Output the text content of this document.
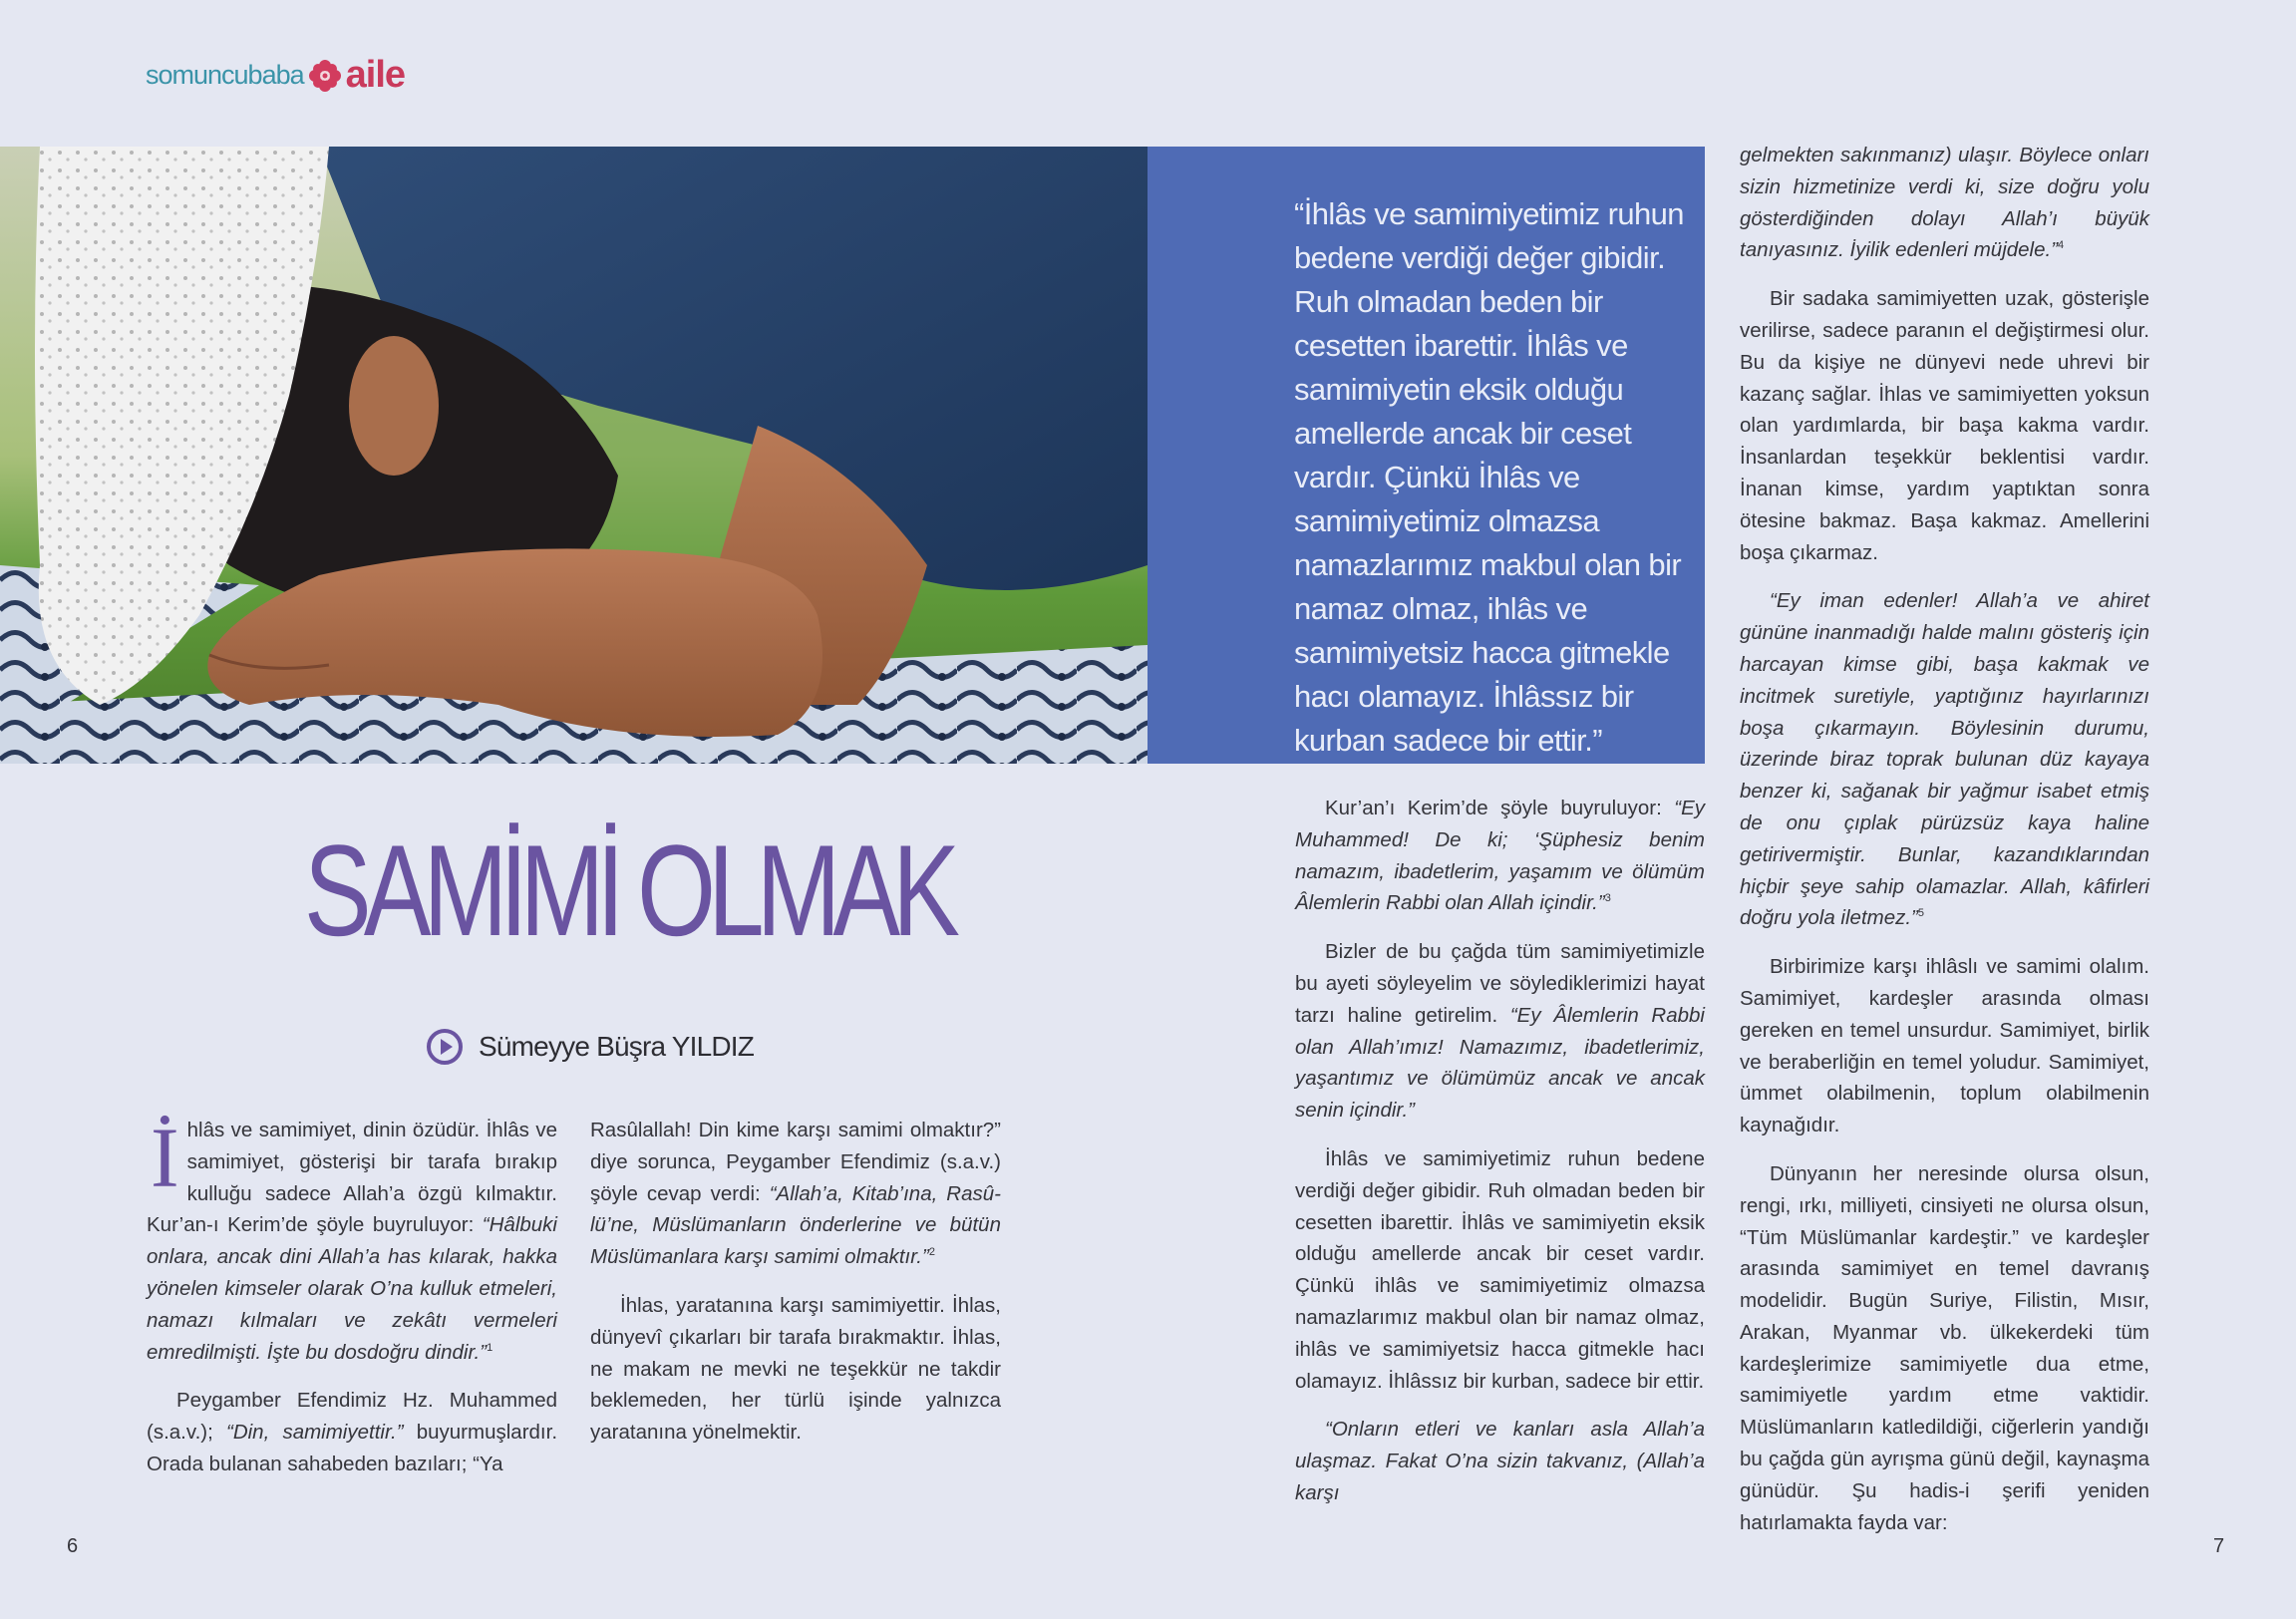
somuncubaba aile
“İhlâs ve samimiyetimiz ruhun bedene verdiği değer gibidir. Ruh olmadan beden bir cesetten ibarettir. İhlâs ve samimiyetin eksik olduğu amellerde ancak bir ceset vardır. Çünkü İhlâs ve samimiyetimiz olmazsa namazlarımız makbul olan bir namaz olmaz, ihlâs ve samimiyetsiz hacca gitmekle hacı olamayız. İhlâssız bir kurban sadece bir ettir.”
SAMİMİ OLMAK
Sümeyye Büşra YILDIZ

İhlâs ve samimiyet, dinin özüdür. İhlâs ve samimiyet, gösterişi bir tarafa bırakıp kulluğu sadece Allah’a özgü kılmaktır. Kur’an-ı Kerim’de şöyle buyruluyor: “Hâlbuki onlara, ancak dini Allah’a has kılarak, hakka yönelen kimseler olarak O’na kulluk etmeleri, namazı kılmaları ve zekâtı vermeleri emredilmişti. İşte bu dosdoğru dindir.”$^1$

Peygamber Efendimiz Hz. Muhammed (s.a.v.); “Din, samimiyettir.” buyurmuşlardır. Orada bulanan sahabeden bazıları; “Ya

Rasûlallah! Din kime karşı samimi olmaktır?” diye sorunca, Peygamber Efendimiz (s.a.v.) şöyle cevap verdi: “Allah’a, Kitab’ına, Rasû-lü’ne, Müslümanların önderlerine ve bütün Müslümanlara karşı samimi olmaktır.”$^2$

İhlas, yaratanına karşı samimiyettir. İhlas, dünyevî çıkarları bir tarafa bırakmaktır. İhlas, ne makam ne mevki ne teşekkür ne takdir beklemeden, her türlü işinde yalnızca yaratanına yönelmektir.

Kur’an’ı Kerim’de şöyle buyruluyor: “Ey Muhammed! De ki; ‘Şüphesiz benim namazım, ibadetlerim, yaşamım ve ölümüm Âlemlerin Rabbi olan Allah içindir.”$^3$

Bizler de bu çağda tüm samimiyetimizle bu ayeti söyleyelim ve söylediklerimizi hayat tarzı haline getirelim. “Ey Âlemlerin Rabbi olan Allah’ımız! Namazımız, ibadetlerimiz, yaşantımız ve ölümümüz ancak ve ancak senin içindir.”

İhlâs ve samimiyetimiz ruhun bedene verdiği değer gibidir. Ruh olmadan beden bir cesetten ibarettir. İhlâs ve samimiyetin eksik olduğu amellerde ancak bir ceset vardır. Çünkü ihlâs ve samimiyetimiz olmazsa namazlarımız makbul olan bir namaz olmaz, ihlâs ve samimiyetsiz hacca gitmekle hacı olamayız. İhlâssız bir kurban, sadece bir ettir.

“Onların etleri ve kanları asla Allah’a ulaşmaz. Fakat O’na sizin takvanız, (Allah’a karşı

gelmekten sakınmanız) ulaşır. Böylece onları sizin hizmetinize verdi ki, size doğru yolu gösterdiğinden dolayı Allah’ı büyük tanıyasınız. İyilik edenleri müjdele.”$^4$

Bir sadaka samimiyetten uzak, gösterişle verilirse, sadece paranın el değiştirmesi olur. Bu da kişiye ne dünyevi nede uhrevi bir kazanç sağlar. İhlas ve samimiyetten yoksun olan yardımlarda, bir başa kakma vardır. İnsanlardan teşekkür beklentisi vardır. İnanan kimse, yardım yaptıktan sonra ötesine bakmaz. Başa kakmaz. Amellerini boşa çıkarmaz.

“Ey iman edenler! Allah’a ve ahiret gününe inanmadığı halde malını gösteriş için harcayan kimse gibi, başa kakmak ve incitmek suretiyle, yaptığınız hayırlarınızı boşa çıkarmayın. Böylesinin durumu, üzerinde biraz toprak bulunan düz kayaya benzer ki, sağanak bir yağmur isabet etmiş de onu çıplak pürüzsüz kaya haline getirivermiştir. Bunlar, kazandıklarından hiçbir şeye sahip olamazlar. Allah, kâfirleri doğru yola iletmez.”$^5$

Birbirimize karşı ihlâslı ve samimi olalım. Samimiyet, kardeşler arasında olması gereken en temel unsurdur. Samimiyet, birlik ve beraberliğin en temel yoludur. Samimiyet, ümmet olabilmenin, toplum olabilmenin kaynağıdır.

Dünyanın her neresinde olursa olsun, rengi, ırkı, milliyeti, cinsiyeti ne olursa olsun, “Tüm Müslümanlar kardeştir.” ve kardeşler arasında samimiyet en temel davranış modelidir. Bugün Suriye, Filistin, Mısır, Arakan, Myanmar vb. ülkekerdeki tüm kardeşlerimize samimiyetle dua etme, samimiyetle yardım etme vaktidir. Müslümanların katledildiği, ciğerlerin yandığı bu çağda gün ayrışma günü değil, kaynaşma günüdür. Şu hadis-i şerifi yeniden hatırlamakta fayda var:

6	7
